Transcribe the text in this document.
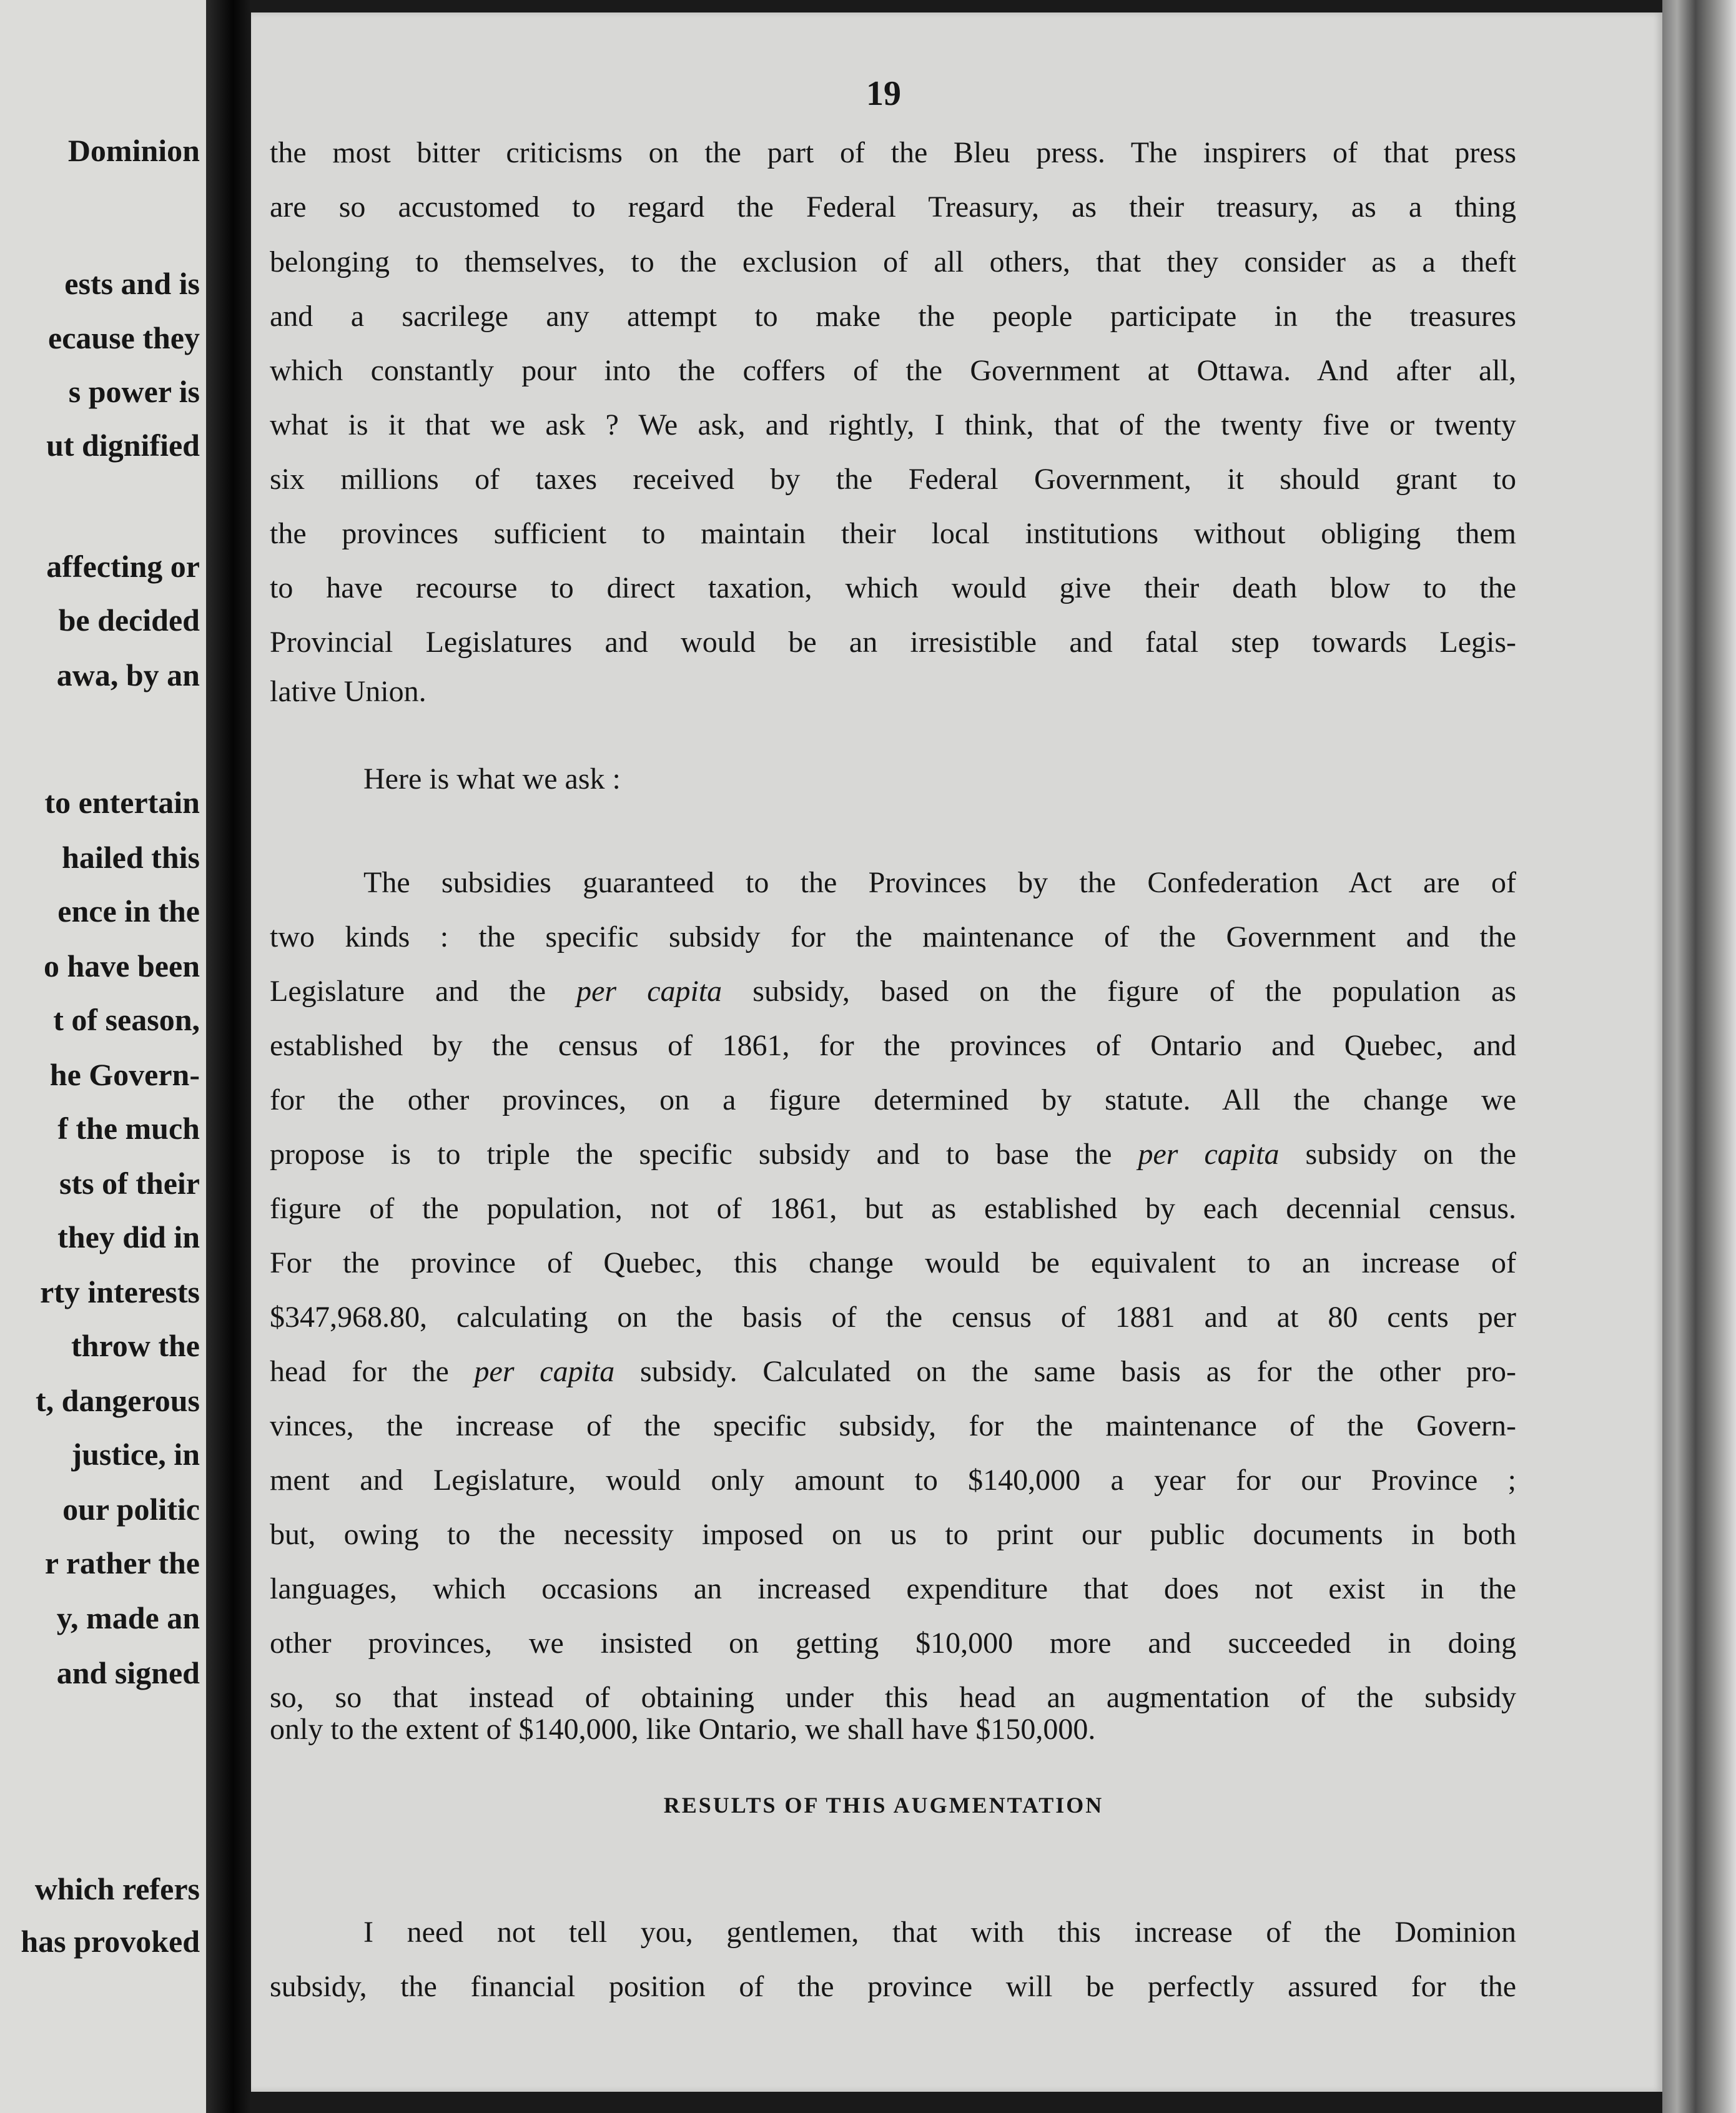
Dominion
ests and is
ecause they
s power is
ut dignified
affecting or
be decided
awa, by an
to entertain
hailed this
ence in the
o have been
t of season,
he Govern-
f the much
sts of their
they did in
rty interests
throw the
t, dangerous
justice, in
our politic
r rather the
y, made an
and signed
which refers
has provoked
19
the most bitter criticisms on the part of the Bleu press. The inspirers of that press
are so accustomed to regard the Federal Treasury, as their treasury, as a thing
belonging to themselves, to the exclusion of all others, that they consider as a theft
and a sacrilege any attempt to make the people participate in the treasures
which constantly pour into the coffers of the Government at Ottawa. And after all,
what is it that we ask ? We ask, and rightly, I think, that of the twenty five or twenty
six millions of taxes received by the Federal Government, it should grant to
the provinces sufficient to maintain their local institutions without obliging them
to have recourse to direct taxation, which would give their death blow to the
Provincial Legislatures and would be an irresistible and fatal step towards Legis-
lative Union.
Here is what we ask :
The subsidies guaranteed to the Provinces by the Confederation Act are of
two kinds : the specific subsidy for the maintenance of the Government and the
Legislature and the per capita subsidy, based on the figure of the population as
established by the census of 1861, for the provinces of Ontario and Quebec, and
for the other provinces, on a figure determined by statute. All the change we
propose is to triple the specific subsidy and to base the per capita subsidy on the
figure of the population, not of 1861, but as established by each decennial census.
For the province of Quebec, this change would be equivalent to an increase of
$347,968.80, calculating on the basis of the census of 1881 and at 80 cents per
head for the per capita subsidy. Calculated on the same basis as for the other pro-
vinces, the increase of the specific subsidy, for the maintenance of the Govern-
ment and Legislature, would only amount to $140,000 a year for our Province ;
but, owing to the necessity imposed on us to print our public documents in both
languages, which occasions an increased expenditure that does not exist in the
other provinces, we insisted on getting $10,000 more and succeeded in doing
so, so that instead of obtaining under this head an augmentation of the subsidy
only to the extent of $140,000, like Ontario, we shall have $150,000.
RESULTS OF THIS AUGMENTATION
I need not tell you, gentlemen, that with this increase of the Dominion
subsidy, the financial position of the province will be perfectly assured for the
